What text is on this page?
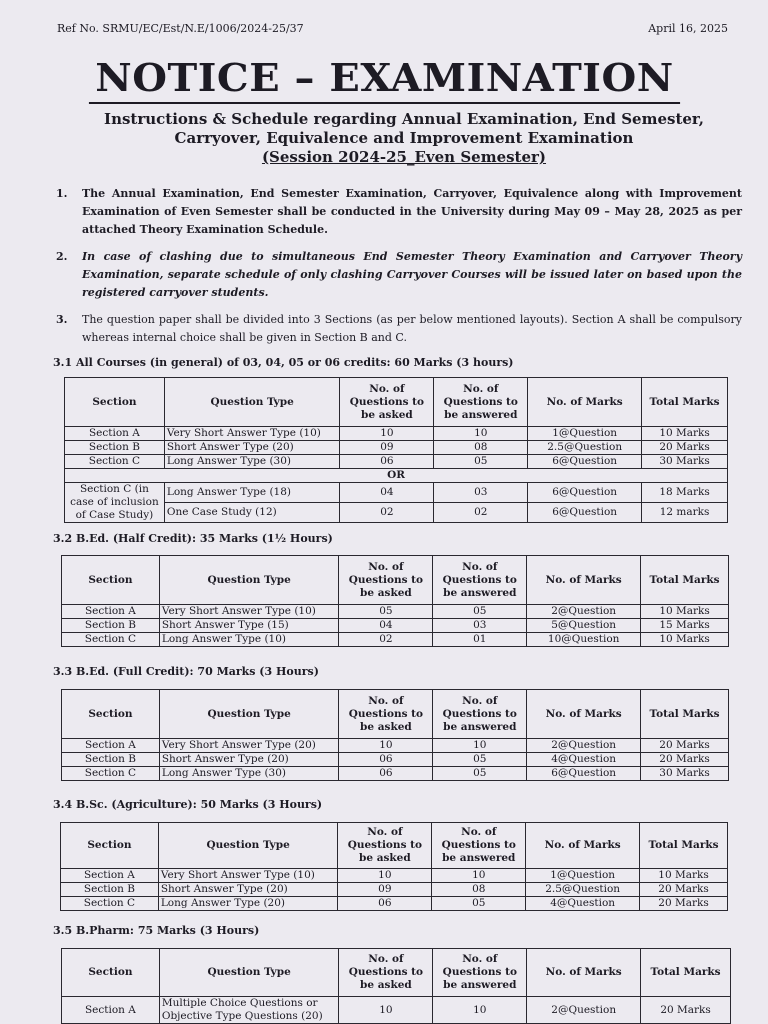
Ref No. SRMU/EC/Est/N.E/1006/2024-25/37	April 16, 2025
NOTICE – EXAMINATION
Instructions & Schedule regarding Annual Examination, End Semester,
Carryover, Equivalence and Improvement Examination
(Session 2024-25_Even Semester)
1. The Annual Examination, End Semester Examination, Carryover, Equivalence along with Improvement Examination of Even Semester shall be conducted in the University during May 09 – May 28, 2025 as per attached Theory Examination Schedule.
2. In case of clashing due to simultaneous End Semester Theory Examination and Carryover Theory Examination, separate schedule of only clashing Carryover Courses will be issued later on based upon the registered carryover students.
3. The question paper shall be divided into 3 Sections (as per below mentioned layouts). Section A shall be compulsory whereas internal choice shall be given in Section B and C.
3.1 All Courses (in general) of 03, 04, 05 or 06 credits: 60 Marks (3 hours)
Section	Question Type	No. of Questions to be asked	No. of Questions to be answered	No. of Marks	Total Marks
Section A	Very Short Answer Type (10)	10	10	1@Question	10 Marks
Section B	Short Answer Type (20)	09	08	2.5@Question	20 Marks
Section C	Long Answer Type (30)	06	05	6@Question	30 Marks
OR					
Section C (in case of inclusion of Case Study)	Long Answer Type (18)	04	03	6@Question	18 Marks
	One Case Study (12)	02	02	6@Question	12 marks
3.2 B.Ed. (Half Credit): 35 Marks (1½ Hours)
Section	Question Type	No. of Questions to be asked	No. of Questions to be answered	No. of Marks	Total Marks
Section A	Very Short Answer Type (10)	05	05	2@Question	10 Marks
Section B	Short Answer Type (15)	04	03	5@Question	15 Marks
Section C	Long Answer Type (10)	02	01	10@Question	10 Marks
3.3 B.Ed. (Full Credit): 70 Marks (3 Hours)
Section	Question Type	No. of Questions to be asked	No. of Questions to be answered	No. of Marks	Total Marks
Section A	Very Short Answer Type (20)	10	10	2@Question	20 Marks
Section B	Short Answer Type (20)	06	05	4@Question	20 Marks
Section C	Long Answer Type (30)	06	05	6@Question	30 Marks
3.4 B.Sc. (Agriculture): 50 Marks (3 Hours)
Section	Question Type	No. of Questions to be asked	No. of Questions to be answered	No. of Marks	Total Marks
Section A	Very Short Answer Type (10)	10	10	1@Question	10 Marks
Section B	Short Answer Type (20)	09	08	2.5@Question	20 Marks
Section C	Long Answer Type (20)	06	05	4@Question	20 Marks
3.5 B.Pharm: 75 Marks (3 Hours)
Section	Question Type	No. of Questions to be asked	No. of Questions to be answered	No. of Marks	Total Marks
Section A	Multiple Choice Questions or Objective Type Questions (20)	10	10	2@Question	20 Marks
